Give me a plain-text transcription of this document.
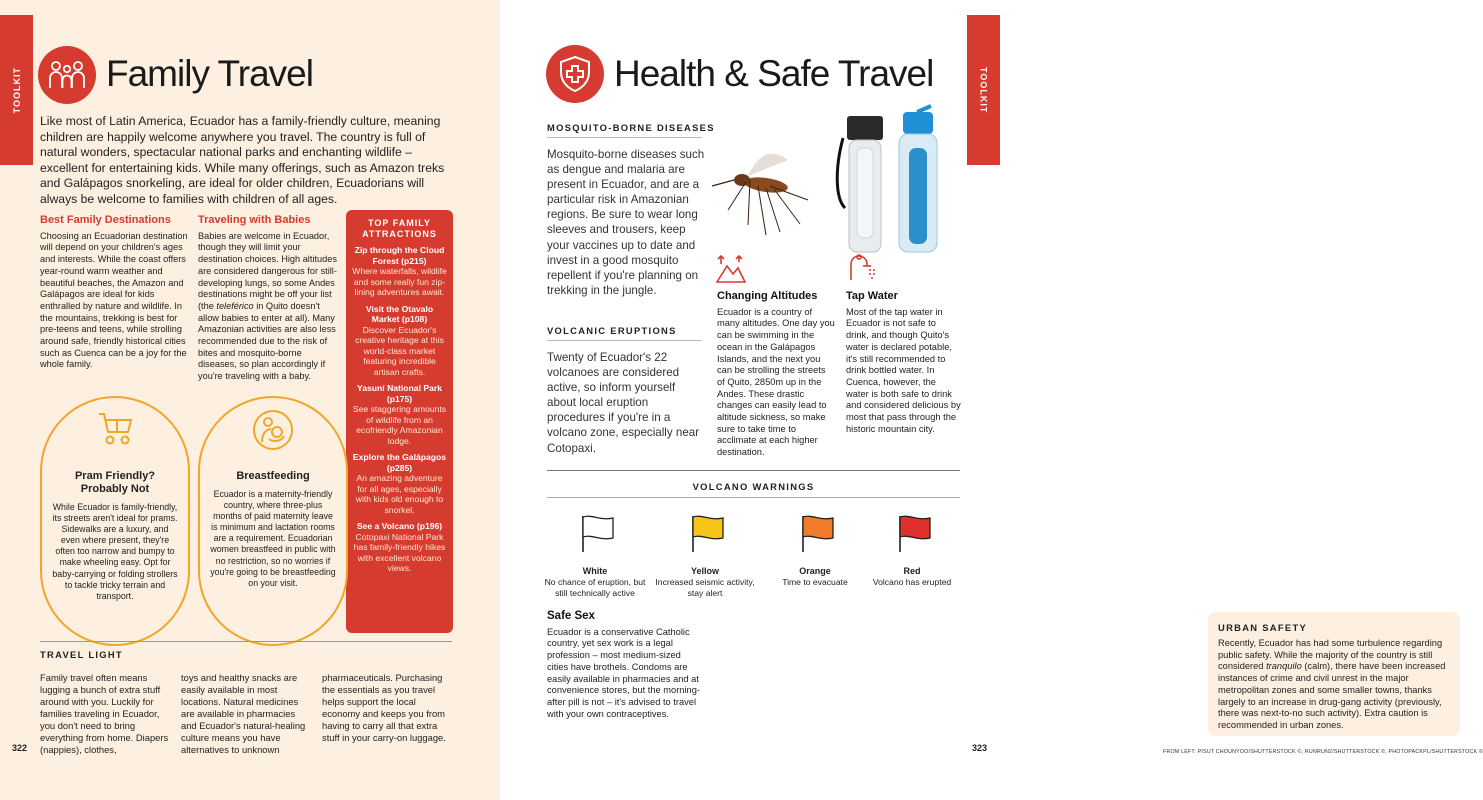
TOOLKIT Family Travel

Like most of Latin America, Ecuador has a family-friendly culture, meaning children are happily welcome anywhere you travel. The country is full of natural wonders, spectacular national parks and enchanting wildlife – excellent for entertaining kids. While many offerings, such as Amazon treks and Galápagos snorkeling, are ideal for older children, Ecuadorians will always be welcome to families with children of all ages.

Best Family Destinations

Choosing an Ecuadorian destination will depend on your children's ages and interests. While the coast offers year-round warm weather and beautiful beaches, the Amazon and Galápagos are ideal for kids enthralled by nature and wildlife. In the mountains, trekking is best for pre-teens and teens, while strolling around safe, friendly historical cities such as Cuenca can be a joy for the whole family.

Traveling with Babies

Babies are welcome in Ecuador, though they will limit your destination choices. High altitudes are considered dangerous for still-developing lungs, so some Andes destinations might be off your list (the teleférico in Quito doesn't allow babies to enter at all). Many Amazonian activities are also less recommended due to the risk of bites and mosquito-borne diseases, so plan accordingly if you're traveling with a baby.

TOP FAMILY ATTRACTIONS
Zip through the Cloud Forest (p215)
Where waterfalls, wildlife and some really fun zip-lining adventures await.
Visit the Otavalo Market (p108)
Discover Ecuador's creative heritage at this world-class market featuring incredible artisan crafts.
Yasuní National Park (p175)
See staggering amounts of wildlife from an ecofriendly Amazonian lodge.
Explore the Galápagos (p285)
An amazing adventure for all ages, especially with kids old enough to snorkel.
See a Volcano (p196)
Cotopaxi National Park has family-friendly hikes with excellent volcano views.
Pram Friendly? Probably Not

While Ecuador is family-friendly, its streets aren't ideal for prams. Sidewalks are a luxury, and even where present, they're often too narrow and bumpy to make wheeling easy. Opt for baby-carrying or folding strollers to tackle tricky terrain and transport.

Breastfeeding

Ecuador is a maternity-friendly country, where three-plus months of paid maternity leave is minimum and lactation rooms are a requirement. Ecuadorian women breastfeed in public with no restriction, so no worries if you're going to be breastfeeding on your visit.

TRAVEL LIGHT

Family travel often means lugging a bunch of extra stuff around with you. Luckily for families traveling in Ecuador, you don't need to bring everything from home. Diapers (nappies), clothes,

toys and healthy snacks are easily available in most locations. Natural medicines are available in pharmacies and Ecuador's natural-healing culture means you have alternatives to unknown

pharmaceuticals. Purchasing the essentials as you travel helps support the local economy and keeps you from having to carry all that extra stuff in your carry-on luggage.

322
TOOLKIT
Health & Safe Travel
MOSQUITO-BORNE DISEASES

Mosquito-borne diseases such as dengue and malaria are present in Ecuador, and are a particular risk in Amazonian regions. Be sure to wear long sleeves and trousers, keep your vaccines up to date and invest in a good mosquito repellent if you're planning on trekking in the jungle.

VOLCANIC ERUPTIONS

Twenty of Ecuador's 22 volcanoes are considered active, so inform yourself about local eruption procedures if you're in a volcano zone, especially near Cotopaxi.

Changing Altitudes

Ecuador is a country of many altitudes. One day you can be swimming in the ocean in the Galápagos Islands, and the next you can be strolling the streets of Quito, 2850m up in the Andes. These drastic changes can easily lead to altitude sickness, so make sure to take time to acclimate at each higher destination.

Tap Water

Most of the tap water in Ecuador is not safe to drink, and though Quito's water is declared potable, it's still recommended to drink bottled water. In Cuenca, however, the water is both safe to drink and considered delicious by most that pass through the historic mountain city.

VOLCANO WARNINGS
White
No chance of eruption, but still technically active
Yellow
Increased seismic activity, stay alert
Orange
Time to evacuate
Red
Volcano has erupted
Safe Sex

Ecuador is a conservative Catholic country, yet sex work is a legal profession – most medium-sized cities have brothels. Condoms are easily available in pharmacies and at convenience stores, but the morning-after pill is not – it's advised to travel with your own contraceptives.

URBAN SAFETY

Recently, Ecuador has had some turbulence regarding public safety. While the majority of the country is still considered tranquilo (calm), there have been increased instances of crime and civil unrest in the major metropolitan zones and some smaller towns, thanks largely to an increase in drug-gang activity (previously, there was next-to-no such activity). Extra caution is recommended in urban zones.

FROM LEFT: PISUT CHOUNYOO/SHUTTERSTOCK ©, RUNRUN2/SHUTTERSTOCK ©, PHOTOPACKPL/SHUTTERSTOCK ©
323
